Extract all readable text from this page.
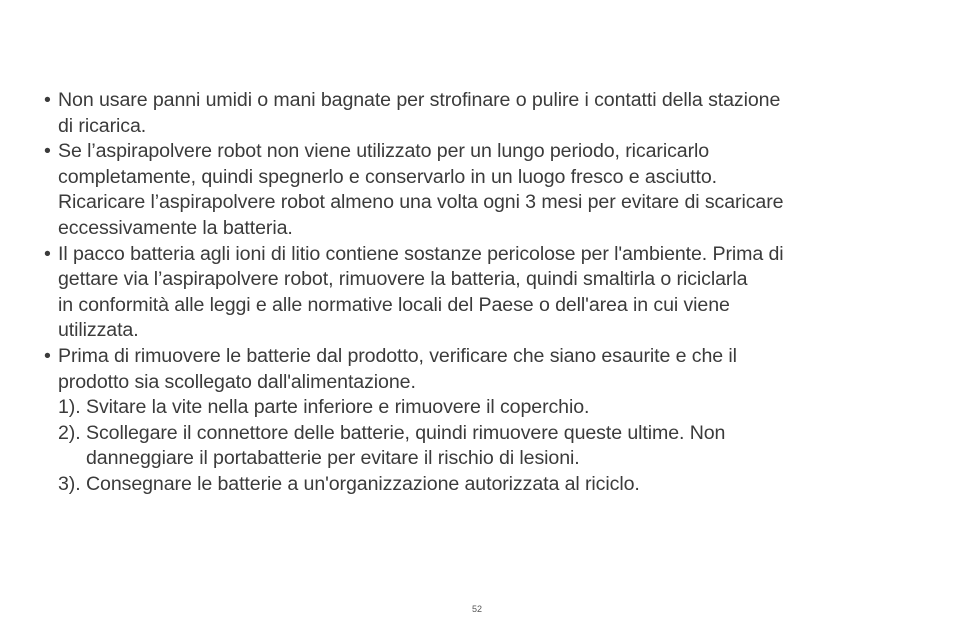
• Non usare panni umidi o mani bagnate per strofinare o pulire i contatti della stazione
di ricarica.
• Se l’aspirapolvere robot non viene utilizzato per un lungo periodo, ricaricarlo
completamente, quindi spegnerlo e conservarlo in un luogo fresco e asciutto.
Ricaricare l’aspirapolvere robot almeno una volta ogni 3 mesi per evitare di scaricare
eccessivamente la batteria.
• Il pacco batteria agli ioni di litio contiene sostanze pericolose per l'ambiente. Prima di
gettare via l’aspirapolvere robot, rimuovere la batteria, quindi smaltirla o riciclarla
in conformità alle leggi e alle normative locali del Paese o dell'area in cui viene
utilizzata.
• Prima di rimuovere le batterie dal prodotto, verificare che siano esaurite e che il
prodotto sia scollegato dall'alimentazione.
1). Svitare la vite nella parte inferiore e rimuovere il coperchio.
2). Scollegare il connettore delle batterie, quindi rimuovere queste ultime. Non
danneggiare il portabatterie per evitare il rischio di lesioni.
3). Consegnare le batterie a un'organizzazione autorizzata al riciclo.
52
